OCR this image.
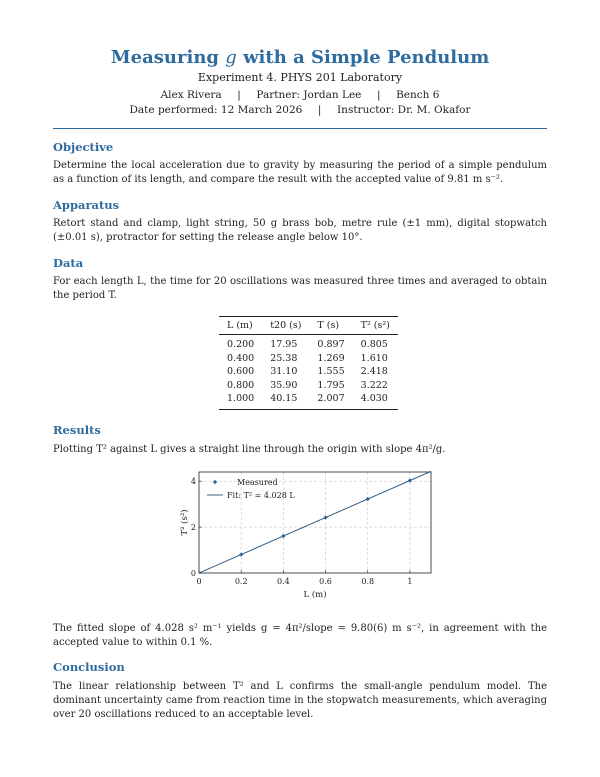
Measuring g with a Simple Pendulum
Experiment 4. PHYS 201 Laboratory
Alex Rivera | Partner: Jordan Lee | Bench 6
Date performed: 12 March 2026 | Instructor: Dr. M. Okafor
Objective
Determine the local acceleration due to gravity by measuring the period of a simple pendulum as a function of its length, and compare the result with the accepted value of 9.81 m s⁻².
Apparatus
Retort stand and clamp, light string, 50 g brass bob, metre rule (±1 mm), digital stopwatch (±0.01 s), protractor for setting the release angle below 10°.
Data
For each length L, the time for 20 oscillations was measured three times and averaged to obtain the period T.
L (m)	t20 (s)	T (s)	T² (s²)
0.200	17.95	0.897	0.805
0.400	25.38	1.269	1.610
0.600	31.10	1.555	2.418
0.800	35.90	1.795	3.222
1.000	40.15	2.007	4.030
Results
Plotting T² against L gives a straight line through the origin with slope 4π²/g.
0	0.2	0.4	0.6	0.8	1
0
2
4
L (m)
T² (s²)
Measured
Fit: T² = 4.028 L
The fitted slope of 4.028 s² m⁻¹ yields g = 4π²/slope = 9.80(6) m s⁻², in agreement with the accepted value to within 0.1 %.
Conclusion
The linear relationship between T² and L confirms the small-angle pendulum model. The dominant uncertainty came from reaction time in the stopwatch measurements, which averaging over 20 oscillations reduced to an acceptable level.
